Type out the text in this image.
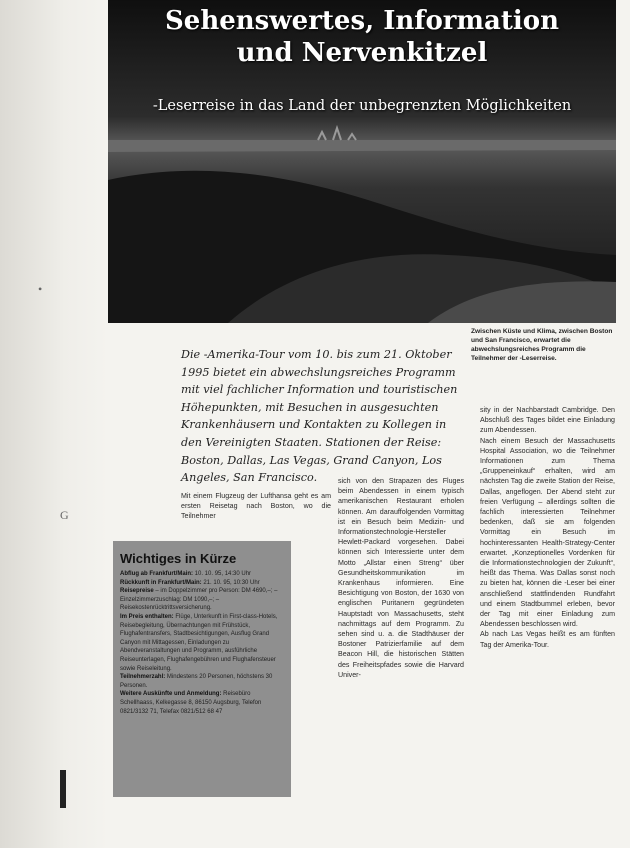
•
G
Sehenswertes, Information
und Nervenkitzel
-Leserreise in das Land der unbegrenzten Möglichkeiten
Zwischen Küste und Klima, zwischen Boston und San Francisco, erwartet die abwechslungsreiches Programm die Teilnehmer der -Leserreise.
Die -Amerika-Tour vom 10. bis zum 21. Oktober 1995 bietet ein abwechslungsreiches Programm mit viel fachlicher Information und touristischen Höhepunkten, mit Besuchen in ausgesuchten Krankenhäusern und Kontakten zu Kollegen in den Vereinigten Staaten. Stationen der Reise: Boston, Dallas, Las Vegas, Grand Canyon, Los Angeles, San Francisco.
Mit einem Flugzeug der Lufthansa geht es am ersten Reisetag nach Boston, wo die Teilnehmer
sich von den Strapazen des Fluges beim Abendessen in einem typisch amerikanischen Restaurant erholen können. Am darauffolgenden Vormittag ist ein Besuch beim Medizin- und Informationstechnologie-Hersteller Hewlett-Packard vorgesehen. Dabei können sich Interessierte unter dem Motto „Allstar einen Streng“ über Gesundheitskommunikation im Krankenhaus informieren. Eine Besichtigung von Boston, der 1630 von englischen Puritanern gegründeten Hauptstadt von Massachusetts, steht nachmittags auf dem Programm. Zu sehen sind u. a. die Stadthäuser der Bostoner Patrizierfamilie auf dem Beacon Hill, die historischen Stätten des Freiheitspfades sowie die Harvard Univer-
sity in der Nachbarstadt Cambridge. Den Abschluß des Tages bildet eine Einladung zum Abendessen.
Nach einem Besuch der Massachusetts Hospital Association, wo die Teilnehmer Informationen zum Thema „Gruppeneinkauf“ erhalten, wird am nächsten Tag die zweite Station der Reise, Dallas, angeflogen. Der Abend steht zur freien Verfügung – allerdings sollten die fachlich interessierten Teilnehmer bedenken, daß sie am folgenden Vormittag ein Besuch im hochinteressanten Health-Strategy-Center erwartet. „Konzeptionelles Vordenken für die Informationstechnologien der Zukunft“, heißt das Thema. Was Dallas sonst noch zu bieten hat, können die -Leser bei einer anschließend stattfindenden Rundfahrt und einem Stadtbummel erleben, bevor der Tag mit einer Einladung zum Abendessen beschlossen wird.
Ab nach Las Vegas heißt es am fünften Tag der Amerika-Tour.
Wichtiges in Kürze
Abflug ab Frankfurt/Main: 10. 10. 95, 14:30 Uhr
Rückkunft in Frankfurt/Main: 21. 10. 95, 10:30 Uhr
Reisepreise – im Doppelzimmer pro Person: DM 4690,–; – Einzelzimmerzuschlag: DM 1090,–; – Reisekostenrücktrittsversicherung.
Im Preis enthalten: Flüge, Unterkunft in First-class-Hotels, Reisebegleitung, Übernachtungen mit Frühstück, Flughafentransfers, Stadtbesichtigungen, Ausflug Grand Canyon mit Mittagessen, Einladungen zu Abendveranstaltungen und Programm, ausführliche Reiseunterlagen, Flughafengebühren und Flughafensteuer sowie Reiseleitung.
Teilnehmerzahl: Mindestens 20 Personen, höchstens 30 Personen.
Weitere Auskünfte und Anmeldung: Reisebüro Schellhaass, Kelkegasse 8, 86150 Augsburg, Telefon 0821/3132 71, Telefax 0821/512 68 47
